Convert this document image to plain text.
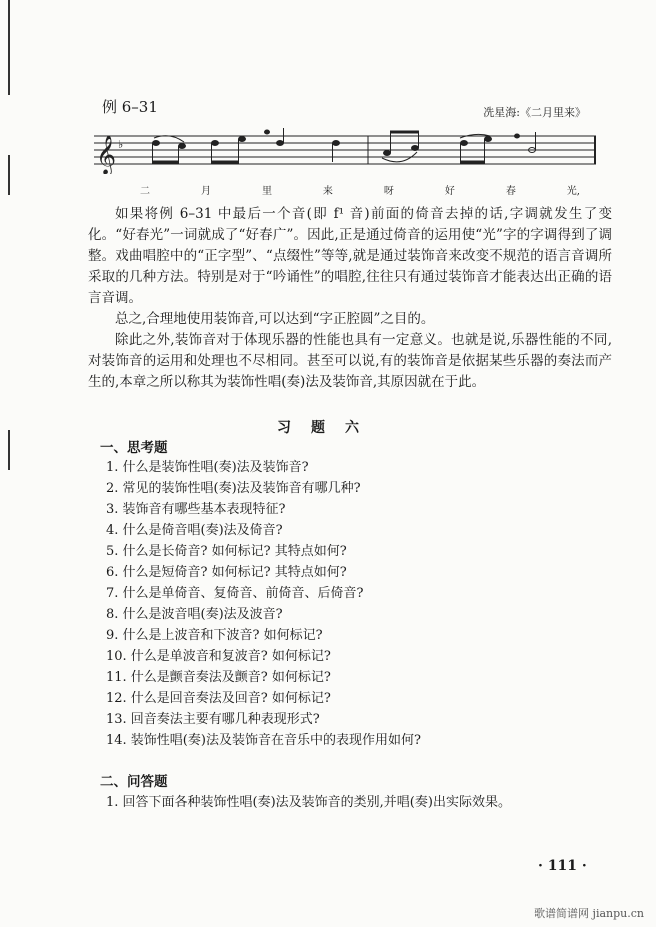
例 6–31	冼星海:《二月里来》
𝄞 ♭
二	月	里	来	呀	好	春	光,

如果将例 6–31 中最后一个音(即 f¹ 音)前面的倚音去掉的话,字调就发生了变化。“好春光”一词就成了“好春广”。因此,正是通过倚音的运用使“光”字的字调得到了调整。戏曲唱腔中的“正字型”、“点缀性”等等,就是通过装饰音来改变不规范的语言音调所采取的几种方法。特别是对于“吟诵性”的唱腔,往往只有通过装饰音才能表达出正确的语言音调。

总之,合理地使用装饰音,可以达到“字正腔圆”之目的。

除此之外,装饰音对于体现乐器的性能也具有一定意义。也就是说,乐器性能的不同,对装饰音的运用和处理也不尽相同。甚至可以说,有的装饰音是依据某些乐器的奏法而产生的,本章之所以称其为装饰性唱(奏)法及装饰音,其原因就在于此。

习题六
一、思考题
1. 什么是装饰性唱(奏)法及装饰音?
2. 常见的装饰性唱(奏)法及装饰音有哪几种?
3. 装饰音有哪些基本表现特征?
4. 什么是倚音唱(奏)法及倚音?
5. 什么是长倚音? 如何标记? 其特点如何?
6. 什么是短倚音? 如何标记? 其特点如何?
7. 什么是单倚音、复倚音、前倚音、后倚音?
8. 什么是波音唱(奏)法及波音?
9. 什么是上波音和下波音? 如何标记?
10. 什么是单波音和复波音? 如何标记?
11. 什么是颤音奏法及颤音? 如何标记?
12. 什么是回音奏法及回音? 如何标记?
13. 回音奏法主要有哪几种表现形式?
14. 装饰性唱(奏)法及装饰音在音乐中的表现作用如何?
二、问答题
1. 回答下面各种装饰性唱(奏)法及装饰音的类别,并唱(奏)出实际效果。
· 111 ·
歌谱简谱网 jianpu.cn
